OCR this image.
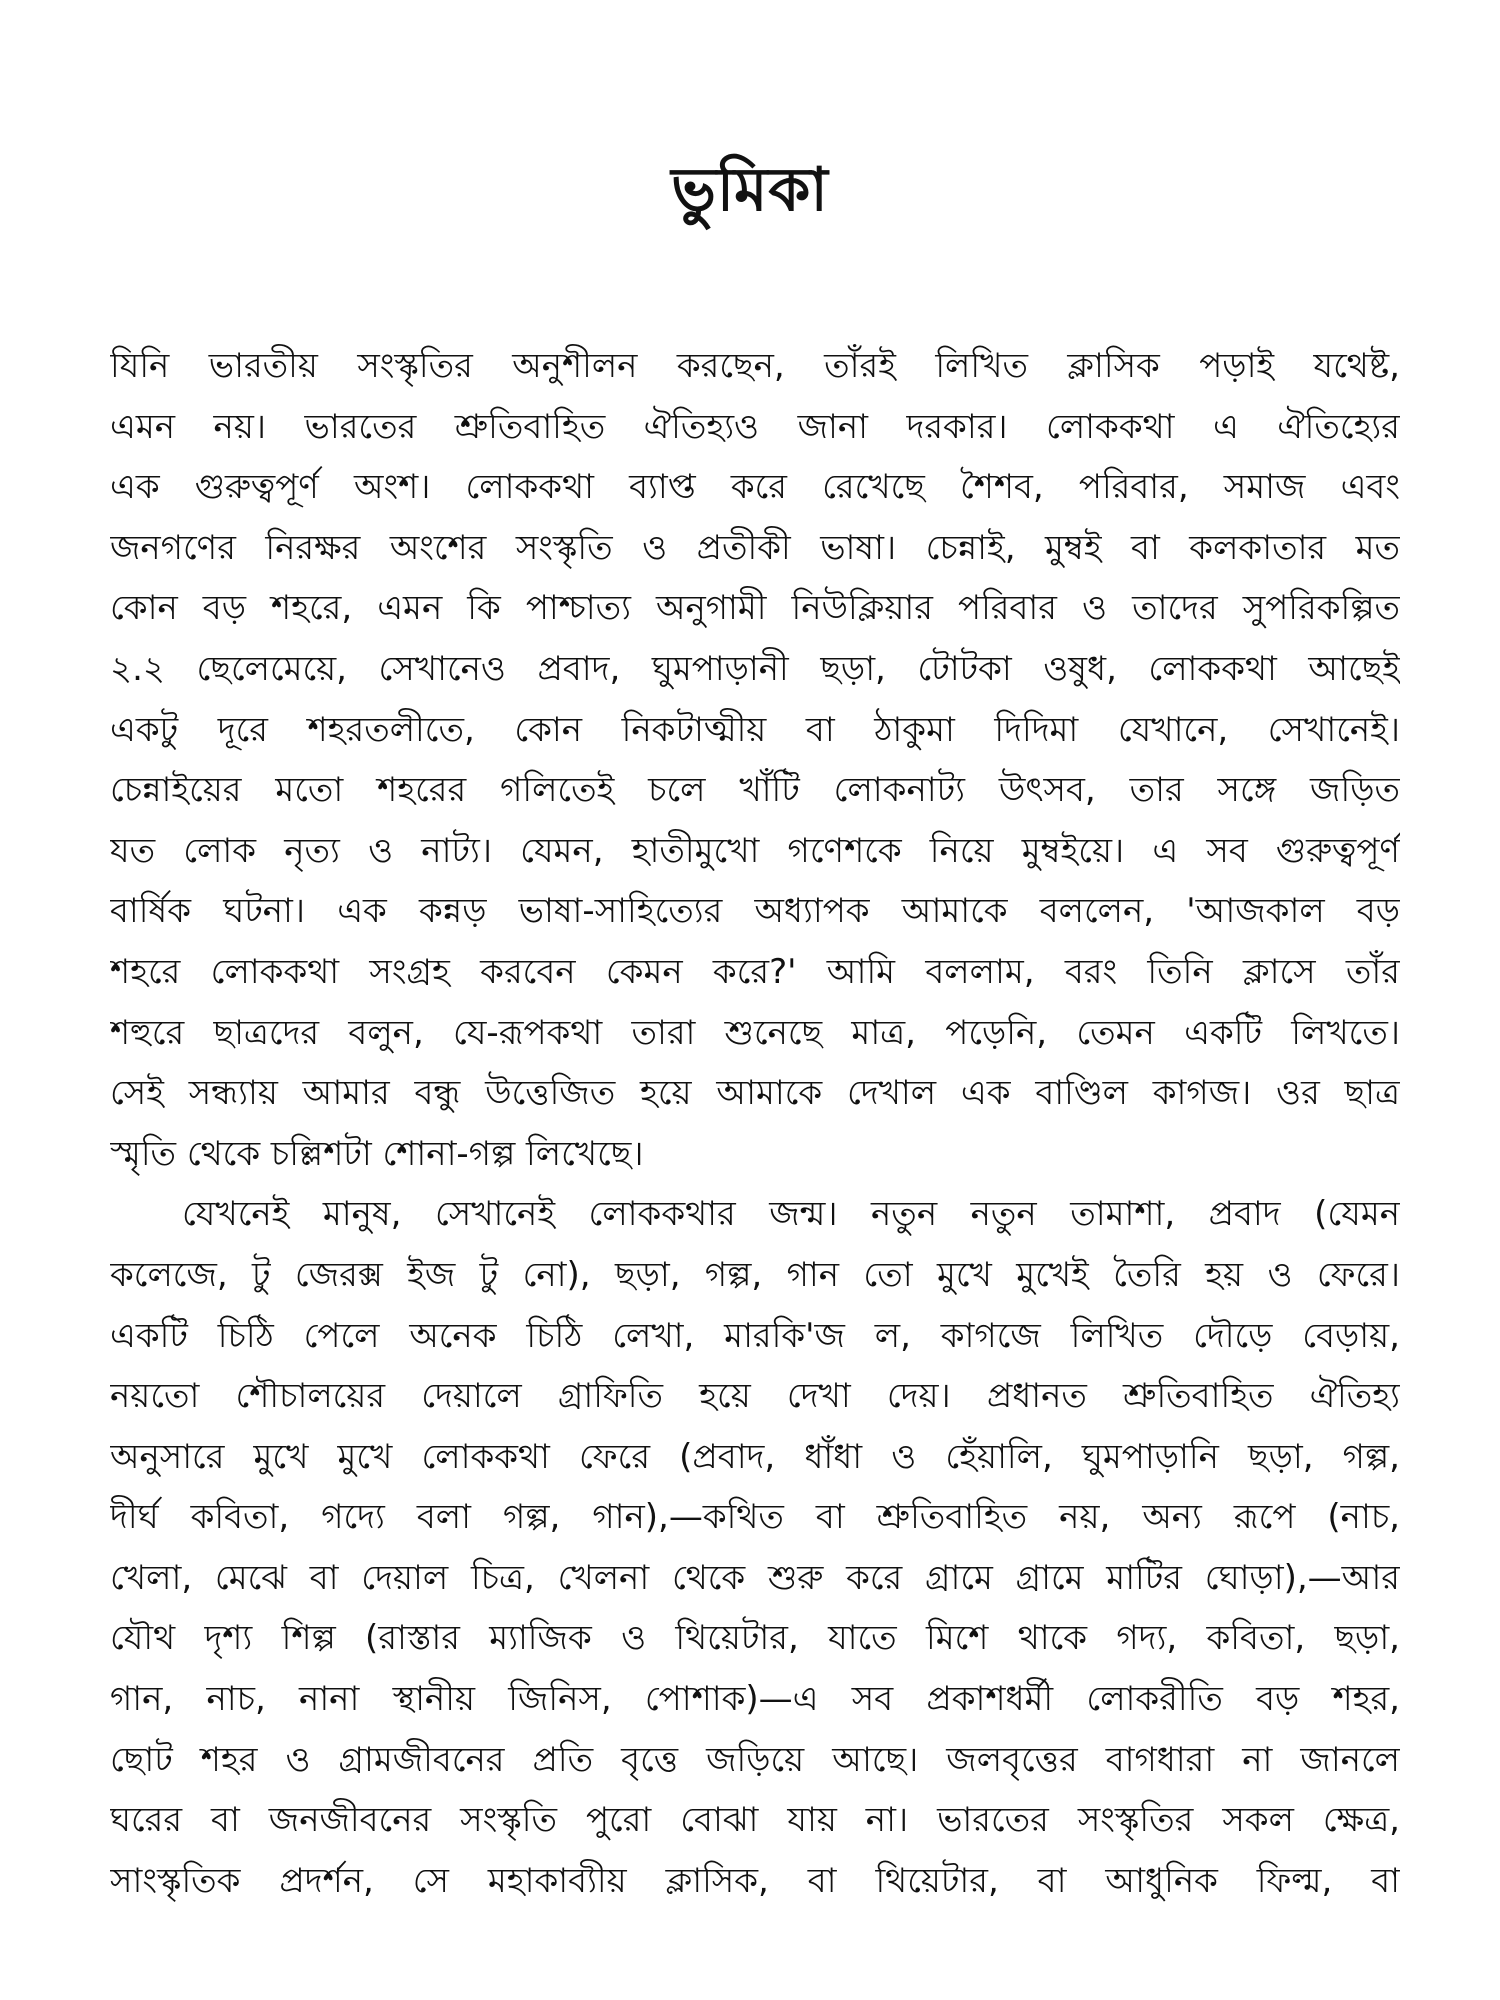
ভুমিকা
যিনি ভারতীয় সংস্কৃতির অনুশীলন করছেন, তাঁরই লিখিত ক্লাসিক পড়াই যথেষ্ট,
এমন নয়। ভারতের শ্রুতিবাহিত ঐতিহ্যও জানা দরকার। লোককথা এ ঐতিহ্যের
এক গুরুত্বপূর্ণ অংশ। লোককথা ব্যাপ্ত করে রেখেছে শৈশব, পরিবার, সমাজ এবং
জনগণের নিরক্ষর অংশের সংস্কৃতি ও প্রতীকী ভাষা। চেন্নাই, মুম্বই বা কলকাতার মত
কোন বড় শহরে, এমন কি পাশ্চাত্য অনুগামী নিউক্লিয়ার পরিবার ও তাদের সুপরিকল্পিত
২.২ ছেলেমেয়ে, সেখানেও প্রবাদ, ঘুমপাড়ানী ছড়া, টোটকা ওষুধ, লোককথা আছেই
একটু দূরে শহরতলীতে, কোন নিকটাত্মীয় বা ঠাকুমা দিদিমা যেখানে, সেখানেই।
চেন্নাইয়ের মতো শহরের গলিতেই চলে খাঁটি লোকনাট্য উৎসব, তার সঙ্গে জড়িত
যত লোক নৃত্য ও নাট্য। যেমন, হাতীমুখো গণেশকে নিয়ে মুম্বইয়ে। এ সব গুরুত্বপূর্ণ
বার্ষিক ঘটনা। এক কন্নড় ভাষা-সাহিত্যের অধ্যাপক আমাকে বললেন, 'আজকাল বড়
শহরে লোককথা সংগ্রহ করবেন কেমন করে?' আমি বললাম, বরং তিনি ক্লাসে তাঁর
শহুরে ছাত্রদের বলুন, যে-রূপকথা তারা শুনেছে মাত্র, পড়েনি, তেমন একটি লিখতে।
সেই সন্ধ্যায় আমার বন্ধু উত্তেজিত হয়ে আমাকে দেখাল এক বাণ্ডিল কাগজ। ওর ছাত্র
স্মৃতি থেকে চল্লিশটা শোনা-গল্প লিখেছে।
যেখনেই মানুষ, সেখানেই লোককথার জন্ম। নতুন নতুন তামাশা, প্রবাদ (যেমন
কলেজে, টু জেরক্স ইজ টু নো), ছড়া, গল্প, গান তো মুখে মুখেই তৈরি হয় ও ফেরে।
একটি চিঠি পেলে অনেক চিঠি লেখা, মারকি'জ ল, কাগজে লিখিত দৌড়ে বেড়ায়,
নয়তো শৌচালয়ের দেয়ালে গ্রাফিতি হয়ে দেখা দেয়। প্রধানত শ্রুতিবাহিত ঐতিহ্য
অনুসারে মুখে মুখে লোককথা ফেরে (প্রবাদ, ধাঁধা ও হেঁয়ালি, ঘুমপাড়ানি ছড়া, গল্প,
দীর্ঘ কবিতা, গদ্যে বলা গল্প, গান),—কথিত বা শ্রুতিবাহিত নয়, অন্য রূপে (নাচ,
খেলা, মেঝে বা দেয়াল চিত্র, খেলনা থেকে শুরু করে গ্রামে গ্রামে মাটির ঘোড়া),—আর
যৌথ দৃশ্য শিল্প (রাস্তার ম্যাজিক ও থিয়েটার, যাতে মিশে থাকে গদ্য, কবিতা, ছড়া,
গান, নাচ, নানা স্থানীয় জিনিস, পোশাক)—এ সব প্রকাশধর্মী লোকরীতি বড় শহর,
ছোট শহর ও গ্রামজীবনের প্রতি বৃত্তে জড়িয়ে আছে। জলবৃত্তের বাগধারা না জানলে
ঘরের বা জনজীবনের সংস্কৃতি পুরো বোঝা যায় না। ভারতের সংস্কৃতির সকল ক্ষেত্র,
সাংস্কৃতিক প্রদর্শন, সে মহাকাব্যীয় ক্লাসিক, বা থিয়েটার, বা আধুনিক ফিল্ম, বা
